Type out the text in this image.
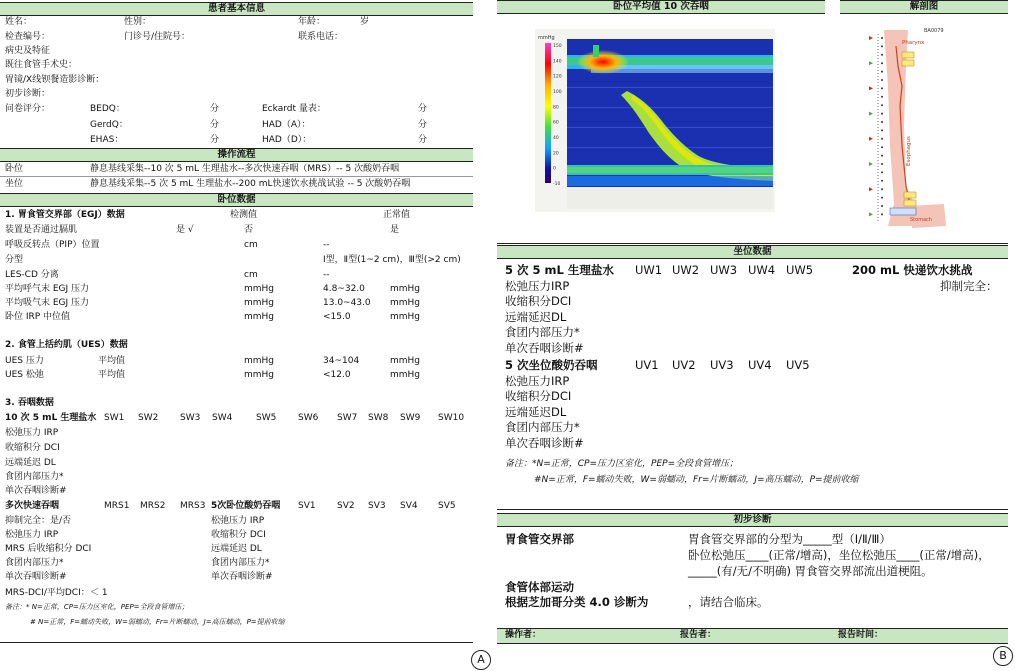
患者基本信息
姓名：	性别：	年龄：	岁
检查编号：	门诊号/住院号：	联系电话：
病史及特征
既往食管手术史：
胃镜/X线钡餐造影诊断：
初步诊断：
问卷评分：	BEDQ：	分	Eckardt 量表：	分
GerdQ：	分	HAD（A）：	分
EHAS：	分	HAD（D）：	分
操作流程
卧位	静息基线采集--10 次 5 mL 生理盐水--多次快速吞咽（MRS）-- 5 次酸奶吞咽
坐位	静息基线采集--5 次 5 mL 生理盐水--200 mL快速饮水挑战试验 -- 5 次酸奶吞咽
卧位数据
1. 胃食管交界部（EGJ）数据	检测值	正常值
装置是否通过膈肌	是 √	否	是
呼吸反转点（PIP）位置	cm	--
分型	Ⅰ型，Ⅱ型(1~2 cm)，Ⅲ型(>2 cm)
LES-CD 分离	cm	--
平均呼气末 EGJ 压力	mmHg	4.8~32.0	mmHg
平均吸气末 EGJ 压力	mmHg	13.0~43.0 mmHg
卧位 IRP 中位值	mmHg	<15.0	mmHg
2. 食管上括约肌（UES）数据
UES 压力	平均值	mmHg	34~104	mmHg
UES 松弛	平均值	mmHg	<12.0	mmHg
3. 吞咽数据
10 次 5 mL 生理盐水 SW1 SW2 SW3 SW4	SW5 SW6 SW7 SW8 SW9 SW10
松弛压力 IRP
收缩积分 DCI
远端延迟 DL
食团内部压力*
单次吞咽诊断#
多次快速吞咽	MRS1 MRS2 MRS3
抑制完全：是/否
松弛压力 IRP
MRS 后收缩积分 DCI
食团内部压力*
单次吞咽诊断#
5次卧位酸奶吞咽 SV1 SV2 SV3 SV4 SV5
松弛压力 IRP
收缩积分 DCI
远端延迟 DL
食团内部压力*
单次吞咽诊断#
MRS-DCI/平均DCI： ＜ 1
备注：* N=正常，CP=压力区室化，PEP=全段食管增压；
# N=正常，F=蠕动失败，W=弱蠕动，Fr=片断蠕动，J=高压蠕动，P=提前收缩
A
卧位平均值 10 次吞咽	解剖图
mmHg
150
140
120
100
80
60
40
20
0
-10
BA0079
Pharynx
Esophagus
Stomach
坐位数据
5 次 5 mL 生理盐水 UW1 UW2 UW3 UW4 UW5	200 mL 快递饮水挑战
抑制完全：
松弛压力IRP
收缩积分DCI
远端延迟DL
食团内部压力*
单次吞咽诊断#
5 次坐位酸奶吞咽	UV1 UV2 UV3 UV4 UV5
松弛压力IRP
收缩积分DCI
远端延迟DL
食团内部压力*
单次吞咽诊断#
备注：*N=正常，CP=压力区室化，PEP=全段食管增压；
#N=正常，F=蠕动失败，W=弱蠕动，Fr=片断蠕动，J=高压蠕动，P=提前收缩
初步诊断
胃食管交界部	胃食管交界部的分型为_____型（Ⅰ/Ⅱ/Ⅲ）
卧位松弛压____(正常/增高)，坐位松弛压____(正常/增高)，
_____(有/无/不明确) 胃食管交界部流出道梗阻。
食管体部运动
根据芝加哥分类 4.0 诊断为	，请结合临床。
操作者：	报告者：	报告时间：
B
